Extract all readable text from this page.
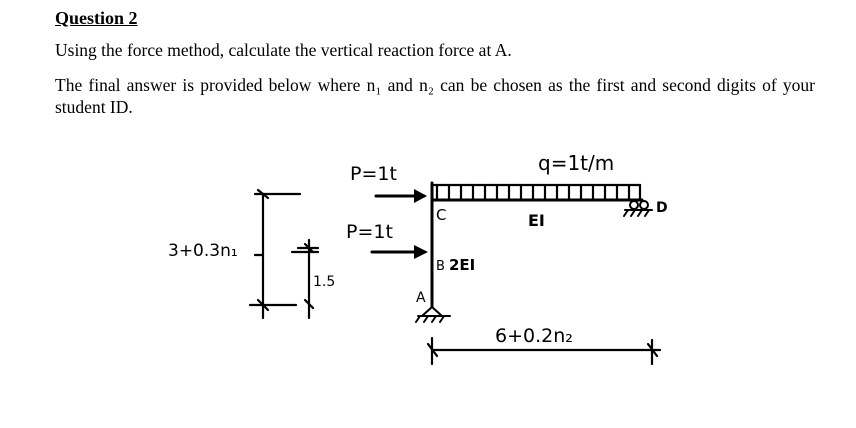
Question 2
Using the force method, calculate the vertical reaction force at A.
The final answer is provided below where n₁ and n₂ can be chosen as the first and second digits of your student ID.
P=1t
P=1t
q=1t/m
C
B
A
D
EI
2EI
3+0.3n₁
1.5
6+0.2n₂
